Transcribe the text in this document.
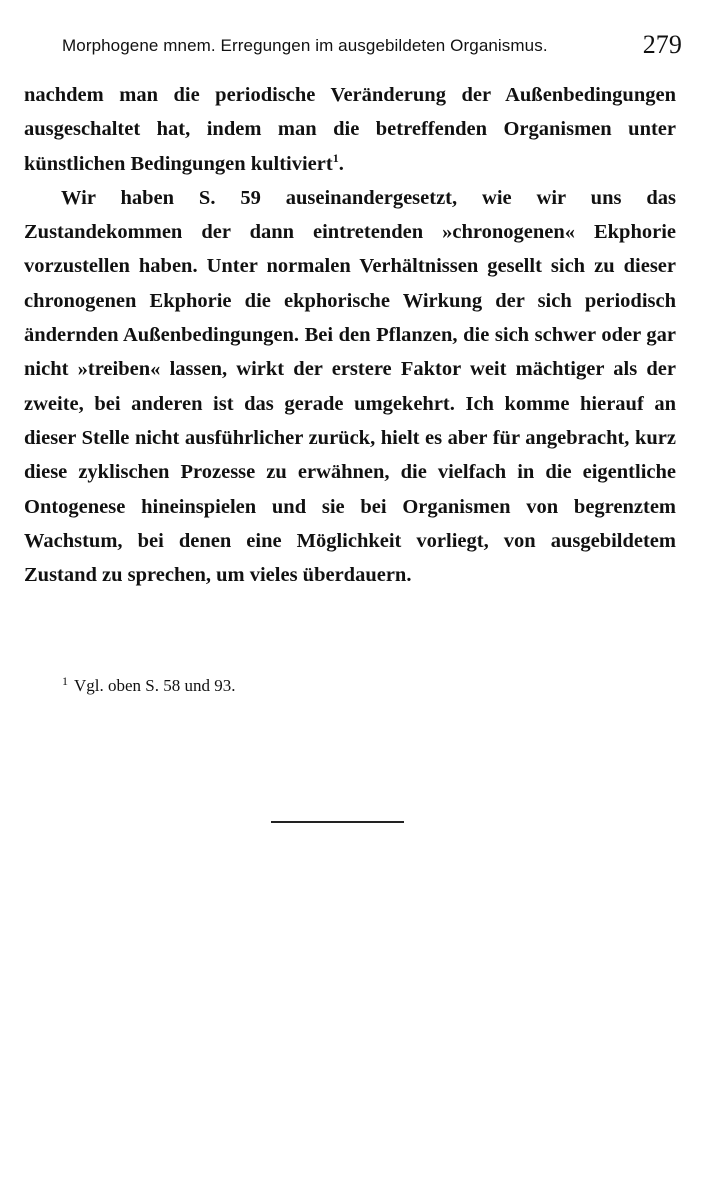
Morphogene mnem. Erregungen im ausgebildeten Organismus.	279

nachdem man die periodische Veränderung der Außenbedingungen ausgeschaltet hat, indem man die betreffenden Organismen unter künstlichen Bedingungen kultiviert$^1$.

Wir haben S. 59 auseinandergesetzt, wie wir uns das Zustandekommen der dann eintretenden »chronogenen« Ekphorie vorzustellen haben. Unter normalen Verhältnissen gesellt sich zu dieser chronogenen Ekphorie die ekphorische Wirkung der sich periodisch ändernden Außenbedingungen. Bei den Pflanzen, die sich schwer oder gar nicht »treiben« lassen, wirkt der erstere Faktor weit mächtiger als der zweite, bei anderen ist das gerade umgekehrt. Ich komme hierauf an dieser Stelle nicht ausführlicher zurück, hielt es aber für angebracht, kurz diese zyklischen Prozesse zu erwähnen, die vielfach in die eigentliche Ontogenese hineinspielen und sie bei Organismen von begrenztem Wachstum, bei denen eine Möglichkeit vorliegt, von ausgebildetem Zustand zu sprechen, um vieles überdauern.

$^1$ Vgl. oben S. 58 und 93.
